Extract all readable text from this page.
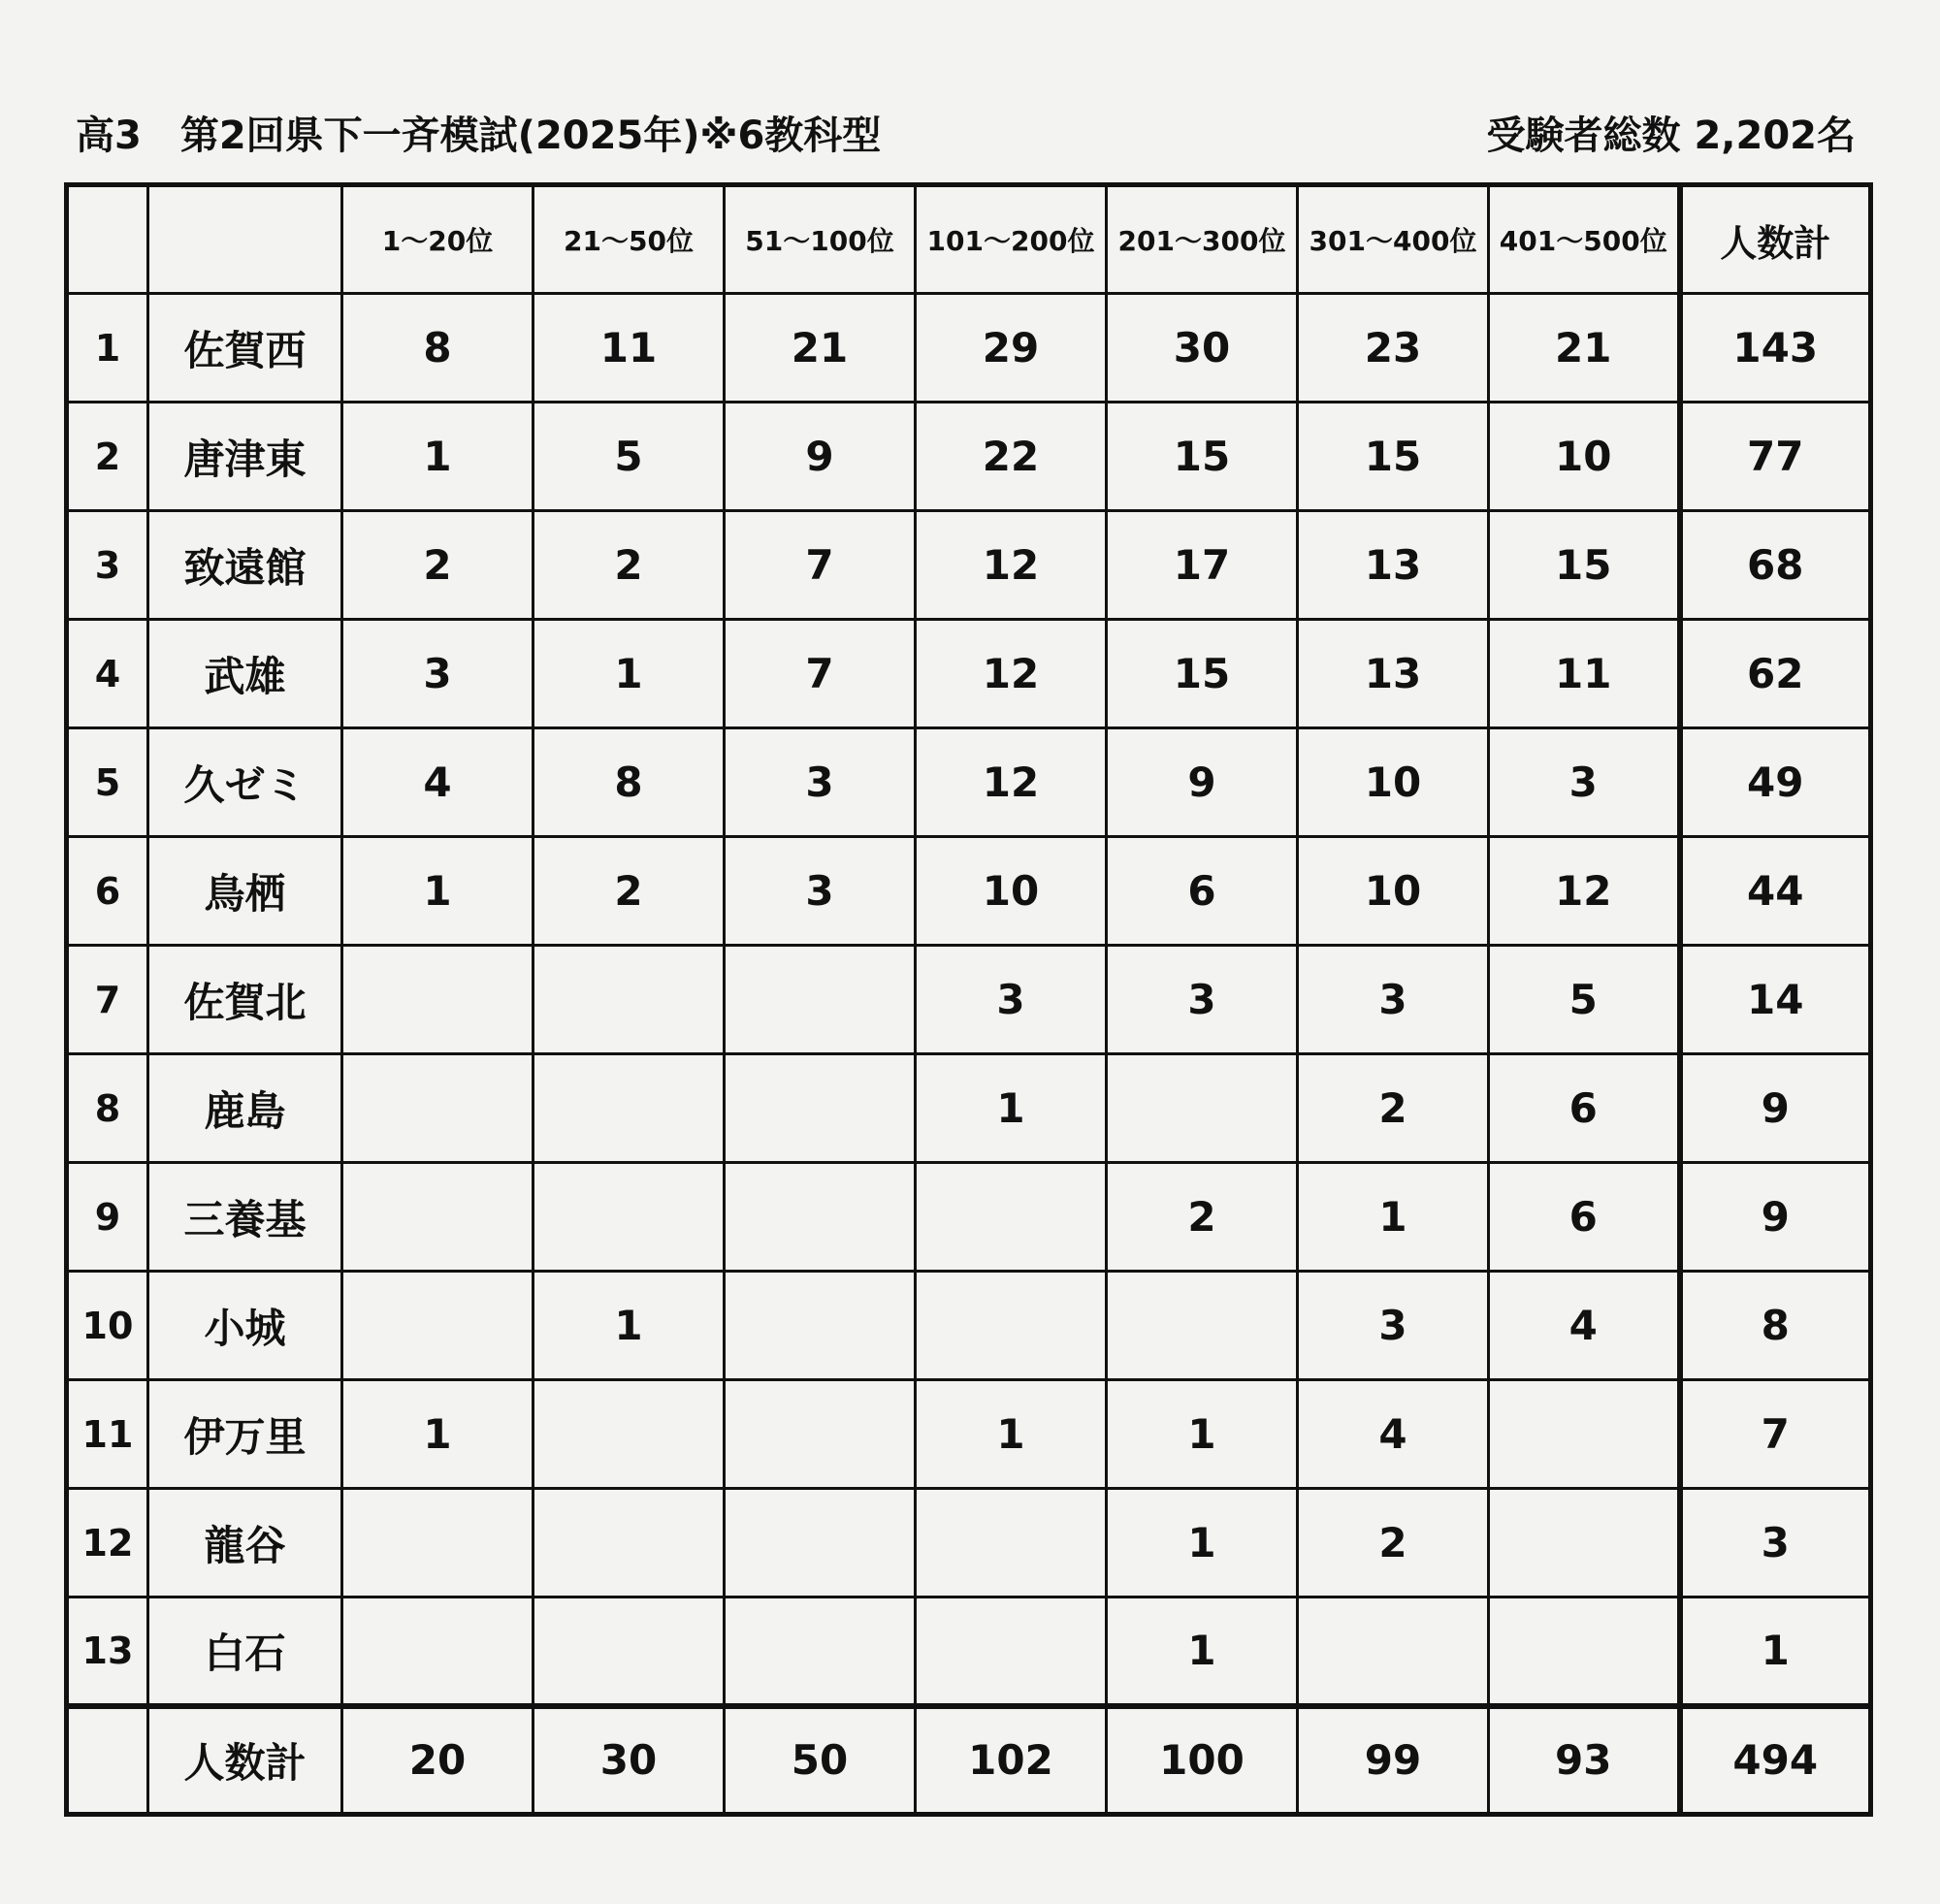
高3　第2回県下一斉模試(2025年)※6教科型	受験者総数 2,202名
		1～20位	21～50位	51～100位	101～200位	201～300位	301～400位	401～500位	人数計
1	佐賀西	8	11	21	29	30	23	21	143
2	唐津東	1	5	9	22	15	15	10	77
3	致遠館	2	2	7	12	17	13	15	68
4	武雄	3	1	7	12	15	13	11	62
5	久ゼミ	4	8	3	12	9	10	3	49
6	鳥栖	1	2	3	10	6	10	12	44
7	佐賀北				3	3	3	5	14
8	鹿島				1		2	6	9
9	三養基					2	1	6	9
10	小城		1				3	4	8
11	伊万里	1			1	1	4		7
12	龍谷					1	2		3
13	白石					1			1
	人数計	20	30	50	102	100	99	93	494
